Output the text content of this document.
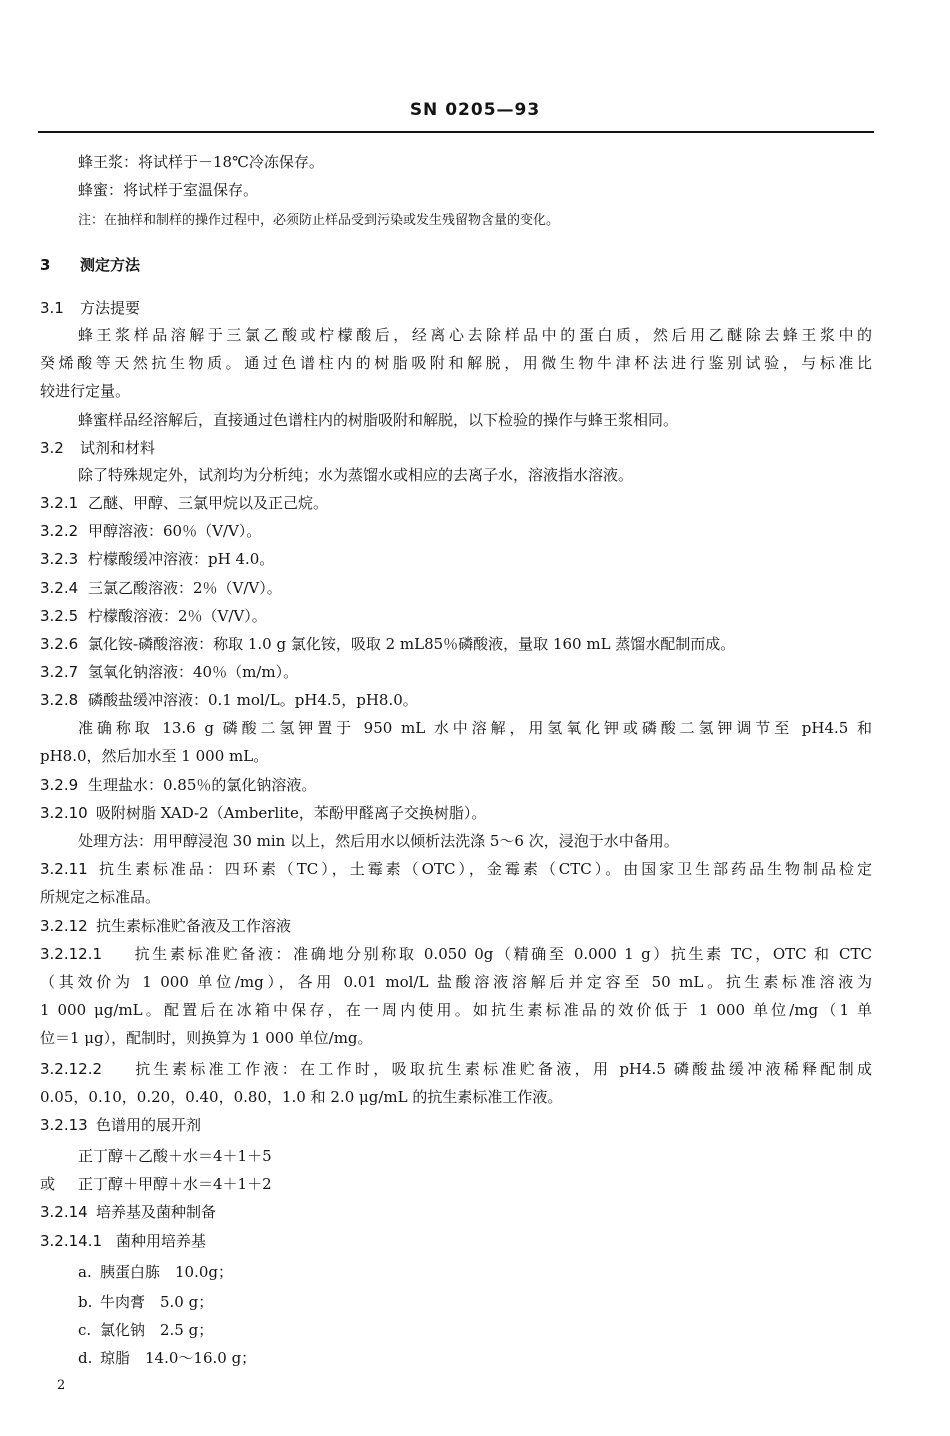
SN 0205—93
蜂王浆：将试样于－18℃冷冻保存。
蜂蜜：将试样于室温保存。
注：在抽样和制样的操作过程中，必须防止样品受到污染或发生残留物含量的变化。
3 测定方法
3.1 方法提要
蜂王浆样品溶解于三氯乙酸或柠檬酸后，经离心去除样品中的蛋白质，然后用乙醚除去蜂王浆中的
癸烯酸等天然抗生物质。通过色谱柱内的树脂吸附和解脱，用微生物牛津杯法进行鉴别试验，与标准比
较进行定量。
蜂蜜样品经溶解后，直接通过色谱柱内的树脂吸附和解脱，以下检验的操作与蜂王浆相同。
3.2 试剂和材料
除了特殊规定外，试剂均为分析纯；水为蒸馏水或相应的去离子水，溶液指水溶液。
3.2.1 乙醚、甲醇、三氯甲烷以及正己烷。
3.2.2 甲醇溶液：60％（V/V）。
3.2.3 柠檬酸缓冲溶液：pH 4.0。
3.2.4 三氯乙酸溶液：2％（V/V）。
3.2.5 柠檬酸溶液：2％（V/V）。
3.2.6 氯化铵-磷酸溶液：称取 1.0 g 氯化铵，吸取 2 mL85％磷酸液，量取 160 mL 蒸馏水配制而成。
3.2.7 氢氧化钠溶液：40％（m/m）。
3.2.8 磷酸盐缓冲溶液：0.1 mol/L。pH4.5，pH8.0。
准确称取 13.6 g 磷酸二氢钾置于 950 mL 水中溶解，用氢氧化钾或磷酸二氢钾调节至 pH4.5 和
pH8.0，然后加水至 1 000 mL。
3.2.9 生理盐水：0.85％的氯化钠溶液。
3.2.10 吸附树脂 XAD-2（Amberlite，苯酚甲醛离子交换树脂）。
处理方法：用甲醇浸泡 30 min 以上，然后用水以倾析法洗涤 5～6 次，浸泡于水中备用。
3.2.11 抗生素标准品：四环素（TC），土霉素（OTC），金霉素（CTC）。由国家卫生部药品生物制品检定
所规定之标准品。
3.2.12 抗生素标准贮备液及工作溶液
3.2.12.1 抗生素标准贮备液：准确地分别称取 0.050 0g（精确至 0.000 1 g）抗生素 TC，OTC 和 CTC
（其效价为 1 000 单位/mg），各用 0.01 mol/L 盐酸溶液溶解后并定容至 50 mL。抗生素标准溶液为
1 000 μg/mL。配置后在冰箱中保存，在一周内使用。如抗生素标准品的效价低于 1 000 单位/mg（1 单
位＝1 μg），配制时，则换算为 1 000 单位/mg。
3.2.12.2 抗生素标准工作液：在工作时，吸取抗生素标准贮备液，用 pH4.5 磷酸盐缓冲液稀释配制成
0.05，0.10，0.20，0.40，0.80，1.0 和 2.0 μg/mL 的抗生素标准工作液。
3.2.13 色谱用的展开剂
正丁醇＋乙酸＋水＝4＋1＋5
或 正丁醇＋甲醇＋水＝4＋1＋2
3.2.14 培养基及菌种制备
3.2.14.1 菌种用培养基
a. 胰蛋白胨　10.0g；
b. 牛肉膏　5.0 g；
c. 氯化钠　2.5 g；
d. 琼脂　14.0～16.0 g；
2
